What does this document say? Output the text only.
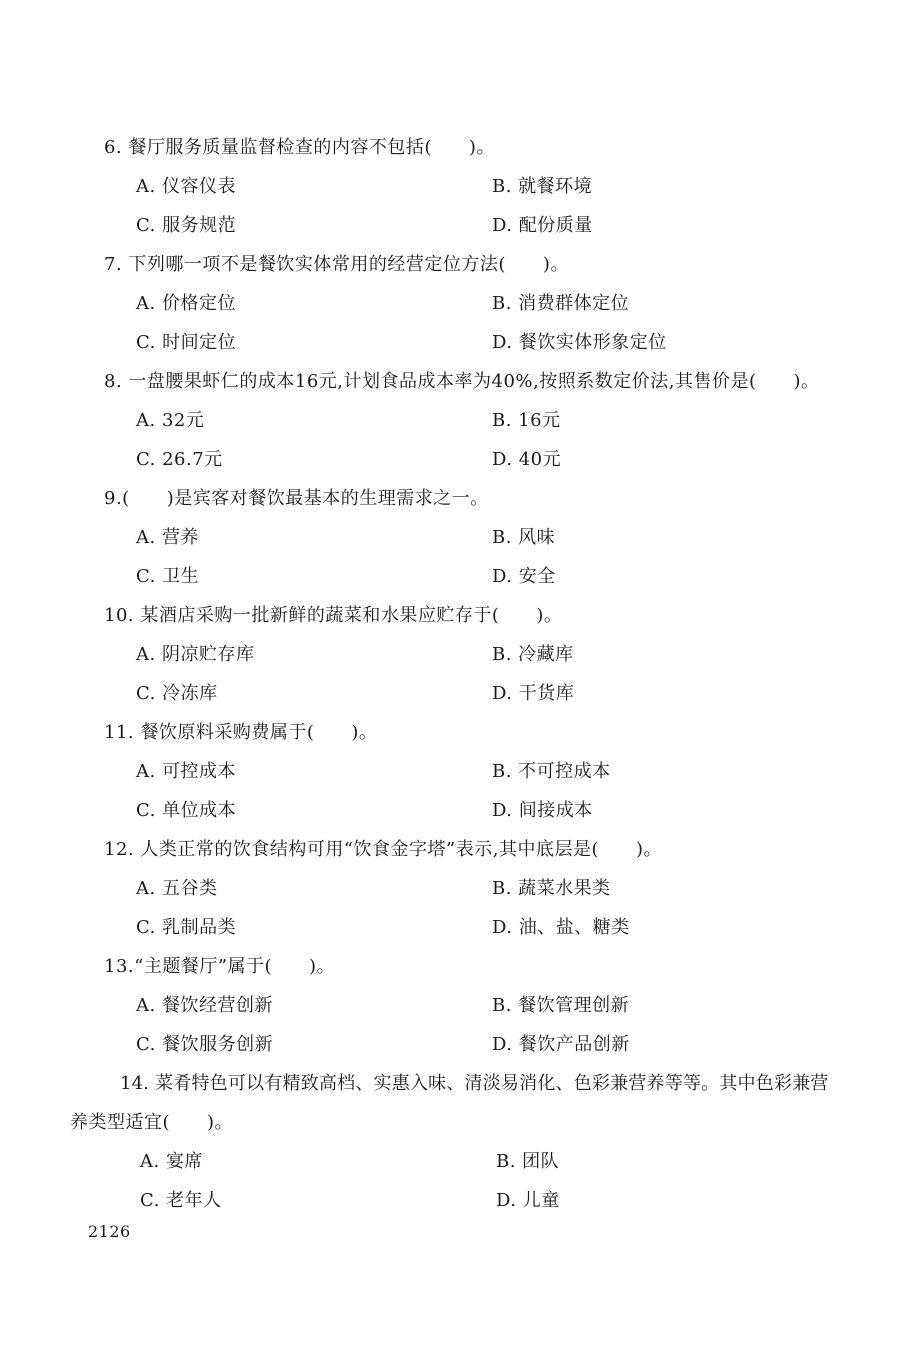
6. 餐厅服务质量监督检查的内容不包括(　　)。
A. 仪容仪表	B. 就餐环境
C. 服务规范	D. 配份质量
7. 下列哪一项不是餐饮实体常用的经营定位方法(　　)。
A. 价格定位	B. 消费群体定位
C. 时间定位	D. 餐饮实体形象定位
8. 一盘腰果虾仁的成本16元,计划食品成本率为40%,按照系数定价法,其售价是(　　)。
A. 32元	B. 16元
C. 26.7元	D. 40元
9.(　　)是宾客对餐饮最基本的生理需求之一。
A. 营养	B. 风味
C. 卫生	D. 安全
10. 某酒店采购一批新鲜的蔬菜和水果应贮存于(　　)。
A. 阴凉贮存库	B. 冷藏库
C. 冷冻库	D. 干货库
11. 餐饮原料采购费属于(　　)。
A. 可控成本	B. 不可控成本
C. 单位成本	D. 间接成本
12. 人类正常的饮食结构可用“饮食金字塔”表示,其中底层是(　　)。
A. 五谷类	B. 蔬菜水果类
C. 乳制品类	D. 油、盐、糖类
13.“主题餐厅”属于(　　)。
A. 餐饮经营创新	B. 餐饮管理创新
C. 餐饮服务创新	D. 餐饮产品创新
14. 菜肴特色可以有精致高档、实惠入味、清淡易消化、色彩兼营养等等。其中色彩兼营
养类型适宜(　　)。
A. 宴席	B. 团队
C. 老年人	D. 儿童
2126
